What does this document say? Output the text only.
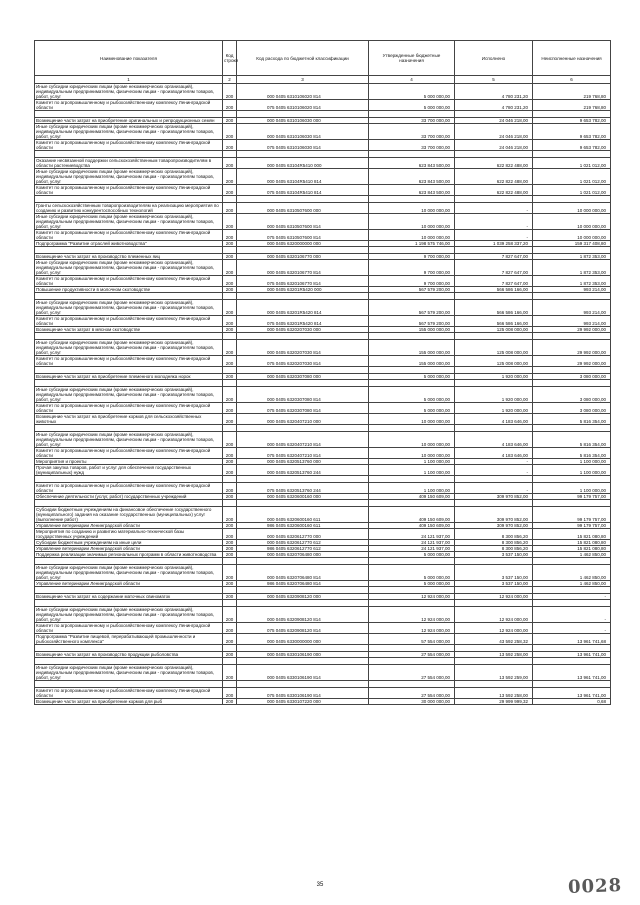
Наименование показателя	Код строки	Код расхода по бюджетной классификации	Утвержденные бюджетные назначения	Исполнено	Неисполненные назначения
1	2	3	4	5	6
Иные субсидии юридическим лицам (кроме некоммерческих организаций), индивидуальным предпринимателям, физическим лицам - производителям товаров, работ, услуг	200	000 0405 6310106020 814	5 000 000,00	4 780 231,20	219 768,80
Комитет по агропромышленному и рыбохозяйственному комплексу Ленинградской области	200	075 0405 6310106020 814	5 000 000,00	4 780 231,20	219 768,80

Возмещение части затрат на приобретение оригинальных и репродукционных семян	200	000 0405 6310106030 000	33 700 000,00	24 046 218,00	9 653 782,00
Иные субсидии юридическим лицам (кроме некоммерческих организаций), индивидуальным предпринимателям, физическим лицам - производителям товаров, работ, услуг	200	000 0405 6310106030 814	33 700 000,00	24 046 218,00	9 653 782,00
Комитет по агропромышленному и рыбохозяйственному комплексу Ленинградской области	200	075 0405 6310106030 814	33 700 000,00	24 046 218,00	9 653 782,00

Оказание несвязанной поддержки сельскохозяйственным товаропроизводителям в области растениеводства	200	000 0405 63104R5410 000	623 843 500,00	622 822 488,00	1 021 012,00
Иные субсидии юридическим лицам (кроме некоммерческих организаций), индивидуальным предпринимателям, физическим лицам - производителям товаров, работ, услуг	200	000 0405 63104R5410 814	623 843 500,00	622 822 488,00	1 021 012,00
Комитет по агропромышленному и рыбохозяйственному комплексу Ленинградской области	200	075 0405 63104R5410 814	623 843 500,00	622 822 488,00	1 021 012,00

Гранты сельскохозяйственным товаропроизводителям на реализацию мероприятия по созданию и развитию конкурентоспособных технологий	200	000 0405 6310507600 000	10 000 000,00	-	10 000 000,00
Иные субсидии юридическим лицам (кроме некоммерческих организаций), индивидуальным предпринимателям, физическим лицам - производителям товаров, работ, услуг	200	000 0405 6310507600 814	10 000 000,00	-	10 000 000,00
Комитет по агропромышленному и рыбохозяйственному комплексу Ленинградской области	200	075 0405 6310507600 814	10 000 000,00	-	10 000 000,00
Подпрограмма "Развитие отраслей животноводства"	200	000 0405 6320000000 000	1 198 575 746,00	1 039 258 337,20	159 317 408,80

Возмещение части затрат на производство племенных яиц	200	000 0405 6320106770 000	9 700 000,00	7 827 647,00	1 872 353,00
Иные субсидии юридическим лицам (кроме некоммерческих организаций), индивидуальным предпринимателям, физическим лицам - производителям товаров, работ, услуг	200	000 0405 6320106770 814	9 700 000,00	7 827 647,00	1 872 353,00
Комитет по агропромышленному и рыбохозяйственному комплексу Ленинградской области	200	075 0405 6320106770 814	9 700 000,00	7 827 647,00	1 872 353,00
Повышение продуктивности в молочном скотоводстве	200	000 0405 63201R5420 000	567 579 200,00	566 586 166,00	993 214,00

Иные субсидии юридическим лицам (кроме некоммерческих организаций), индивидуальным предпринимателям, физическим лицам - производителям товаров, работ, услуг	200	000 0405 63201R5420 814	567 579 200,00	566 586 166,00	993 214,00
Комитет по агропромышленному и рыбохозяйственному комплексу Ленинградской области	200	075 0405 63201R5420 814	567 579 200,00	566 586 166,00	993 214,00
Возмещение части затрат в мясном скотоводстве	200	000 0405 6320207030 000	155 000 000,00	125 008 000,00	29 992 000,00

Иные субсидии юридическим лицам (кроме некоммерческих организаций), индивидуальным предпринимателям, физическим лицам - производителям товаров, работ, услуг	200	000 0405 6320207030 814	155 000 000,00	125 008 000,00	29 992 000,00
Комитет по агропромышленному и рыбохозяйственному комплексу Ленинградской области	200	075 0405 6320207030 814	155 000 000,00	125 008 000,00	29 992 000,00

Возмещение части затрат на приобретение племенного молодняка норок	200	000 0405 6320307080 000	5 000 000,00	1 920 000,00	3 080 000,00

Иные субсидии юридическим лицам (кроме некоммерческих организаций), индивидуальным предпринимателям, физическим лицам - производителям товаров, работ, услуг	200	000 0405 6320307080 814	5 000 000,00	1 920 000,00	3 080 000,00
Комитет по агропромышленному и рыбохозяйственному комплексу Ленинградской области	200	075 0405 6320307080 814	5 000 000,00	1 920 000,00	3 080 000,00
Возмещение части затрат на приобретение кормов для сельскохозяйственных животных	200	000 0405 6320407210 000	10 000 000,00	4 183 646,00	5 816 354,00

Иные субсидии юридическим лицам (кроме некоммерческих организаций), индивидуальным предпринимателям, физическим лицам - производителям товаров, работ, услуг	200	000 0405 6320407210 814	10 000 000,00	4 183 646,00	5 816 354,00
Комитет по агропромышленному и рыбохозяйственному комплексу Ленинградской области	200	075 0405 6320407210 814	10 000 000,00	4 183 646,00	5 816 354,00
Мероприятия и проекты	200	000 0405 6320513760 000	1 100 000,00	-	1 100 000,00
Прочая закупка товаров, работ и услуг для обеспечения государственных (муниципальных) нужд	200	000 0405 6320513760 244	1 100 000,00	-	1 100 000,00

Комитет по агропромышленному и рыбохозяйственному комплексу Ленинградской области	200	075 0405 6320513760 244	1 100 000,00	-	1 100 000,00
Обеспечение деятельности (услуг, работ) государственных учреждений	200	000 0405 6320600160 000	409 150 609,00	309 970 852,00	99 179 757,00

Субсидии бюджетным учреждениям на финансовое обеспечение государственного (муниципального) задания на оказание государственных (муниципальных) услуг (выполнение работ)	200	000 0405 6320600160 611	409 150 609,00	309 970 852,00	99 179 757,00
Управление ветеринарии Ленинградской области	200	986 0405 6320600160 611	409 150 609,00	309 970 852,00	99 179 757,00
Мероприятия по созданию и развитию материально-технической базы государственных учреждений	200	000 0405 6320612770 000	24 121 937,00	8 300 856,20	15 821 080,80
Субсидии бюджетным учреждениям на иные цели	200	000 0405 6320612770 612	24 121 937,00	8 300 856,20	15 821 080,80
Управление ветеринарии Ленинградской области	200	986 0405 6320612770 612	24 121 937,00	8 300 856,20	15 821 080,80
Поддержка реализации значимых региональных программ в области животноводства	200	000 0405 6320706480 000	5 000 000,00	3 537 150,00	1 462 850,00

Иные субсидии юридическим лицам (кроме некоммерческих организаций), индивидуальным предпринимателям, физическим лицам - производителям товаров, работ, услуг	200	000 0405 6320706480 814	5 000 000,00	3 537 150,00	1 462 850,00
Управление ветеринарии Ленинградской области	200	986 0405 6320706480 814	5 000 000,00	3 537 150,00	1 462 850,00

Возмещение части затрат на содержание маточных свиноматок	200	000 0405 6320908120 000	12 924 000,00	12 924 000,00	-

Иные субсидии юридическим лицам (кроме некоммерческих организаций), индивидуальным предпринимателям, физическим лицам - производителям товаров, работ, услуг	200	000 0405 6320908120 814	12 924 000,00	12 924 000,00	-
Комитет по агропромышленному и рыбохозяйственному комплексу Ленинградской области	200	075 0405 6320908120 814	12 924 000,00	12 924 000,00	-
Подпрограмма "Развитие пищевой, перерабатывающей промышленности и рыбохозяйственного комплекса"	200	000 0405 6330000000 000	57 554 000,00	43 592 258,32	13 961 741,68

Возмещение части затрат на производство продукции рыболовства	200	000 0405 6330106190 000	27 554 000,00	13 592 258,00	13 961 741,00

Иные субсидии юридическим лицам (кроме некоммерческих организаций), индивидуальным предпринимателям, физическим лицам - производителям товаров, работ, услуг	200	000 0405 6330106190 814	27 554 000,00	13 592 259,00	13 961 741,00

Комитет по агропромышленному и рыбохозяйственному комплексу Ленинградской области	200	075 0405 6330106190 814	27 554 000,00	13 592 258,00	13 961 741,00
Возмещение части затрат на приобретение кормов для рыб	200	000 0405 6330107220 000	30 000 000,00	29 999 999,32	0,68
35	0028
